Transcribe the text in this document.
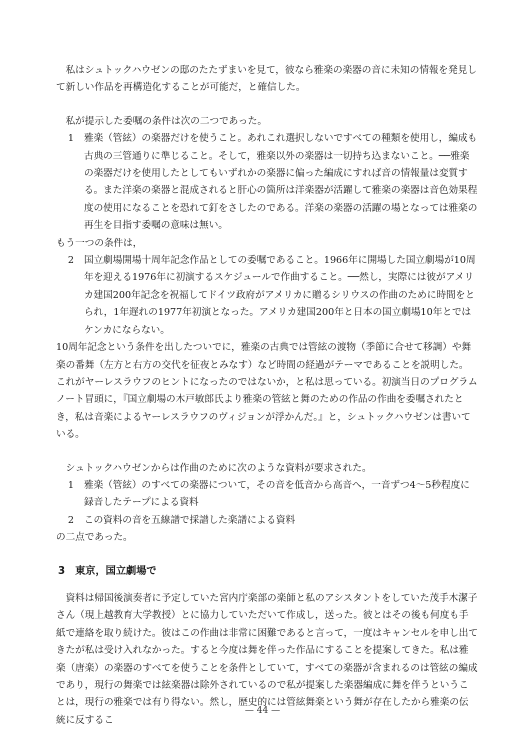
私はシュトックハウゼンの邸のたたずまいを見て，彼なら雅楽の楽器の音に未知の情報を発見して新しい作品を再構造化することが可能だ，と確信した。

私が提示した委嘱の条件は次の二つであった。

1	雅楽（管絃）の楽器だけを使うこと。あれこれ選択しないですべての種類を使用し，編成も古典の三管通りに準じること。そして，雅楽以外の楽器は一切持ち込まないこと。──雅楽の楽器だけを使用したとしてもいずれかの楽器に偏った編成にすれば音の情報量は変質する。また洋楽の楽器と混成されると肝心の箇所は洋楽器が活躍して雅楽の楽器は音色効果程度の使用になることを恐れて釘をさしたのである。洋楽の楽器の活躍の場となっては雅楽の再生を目指す委嘱の意味は無い。

もう一つの条件は，

2	国立劇場開場十周年記念作品としての委嘱であること。1966年に開場した国立劇場が10周年を迎える1976年に初演するスケジュールで作曲すること。──然し，実際には彼がアメリカ建国200年記念を祝福してドイツ政府がアメリカに贈るシリウスの作曲のために時間をとられ，1年遅れの1977年初演となった。アメリカ建国200年と日本の国立劇場10年とではケンカにならない。

10周年記念という条件を出したついでに，雅楽の古典では管絃の渡物（季節に合せて移調）や舞楽の番舞（左方と右方の交代を征夜とみなす）など時間の経過がテーマであることを説明した。これがヤーレスラウフのヒントになったのではないか，と私は思っている。初演当日のプログラムノート冒頭に，『国立劇場の木戸敏郎氏より雅楽の管絃と舞のための作品の作曲を委嘱されたとき，私は音楽によるヤーレスラウフのヴィジョンが浮かんだ。』と，シュトックハウゼンは書いている。

シュトックハウゼンからは作曲のために次のような資料が要求された。

1	雅楽（管絃）のすべての楽器について，その音を低音から高音へ，一音ずつ4〜5秒程度に録音したテープによる資料

2	この資料の音を五線譜で採譜した楽譜による資料

の二点であった。

3 東京，国立劇場で

資料は帰国後演奏者に予定していた宮内庁楽部の楽師と私のアシスタントをしていた茂手木潔子さん（現上越教育大学教授）とに協力していただいて作成し，送った。彼とはその後も何度も手紙で連絡を取り続けた。彼はこの作曲は非常に困難であると言って，一度はキャンセルを申し出てきたが私は受け入れなかった。すると今度は舞を伴った作品にすることを提案してきた。私は雅楽（唐楽）の楽器のすべてを使うことを条件としていて，すべての楽器が含まれるのは管絃の編成であり，現行の舞楽では絃楽器は除外されているので私が提案した楽器編成に舞を伴うということは，現行の雅楽では有り得ない。然し，歴史的には管絃舞楽という舞が存在したから雅楽の伝統に反するこ

— 44 —
